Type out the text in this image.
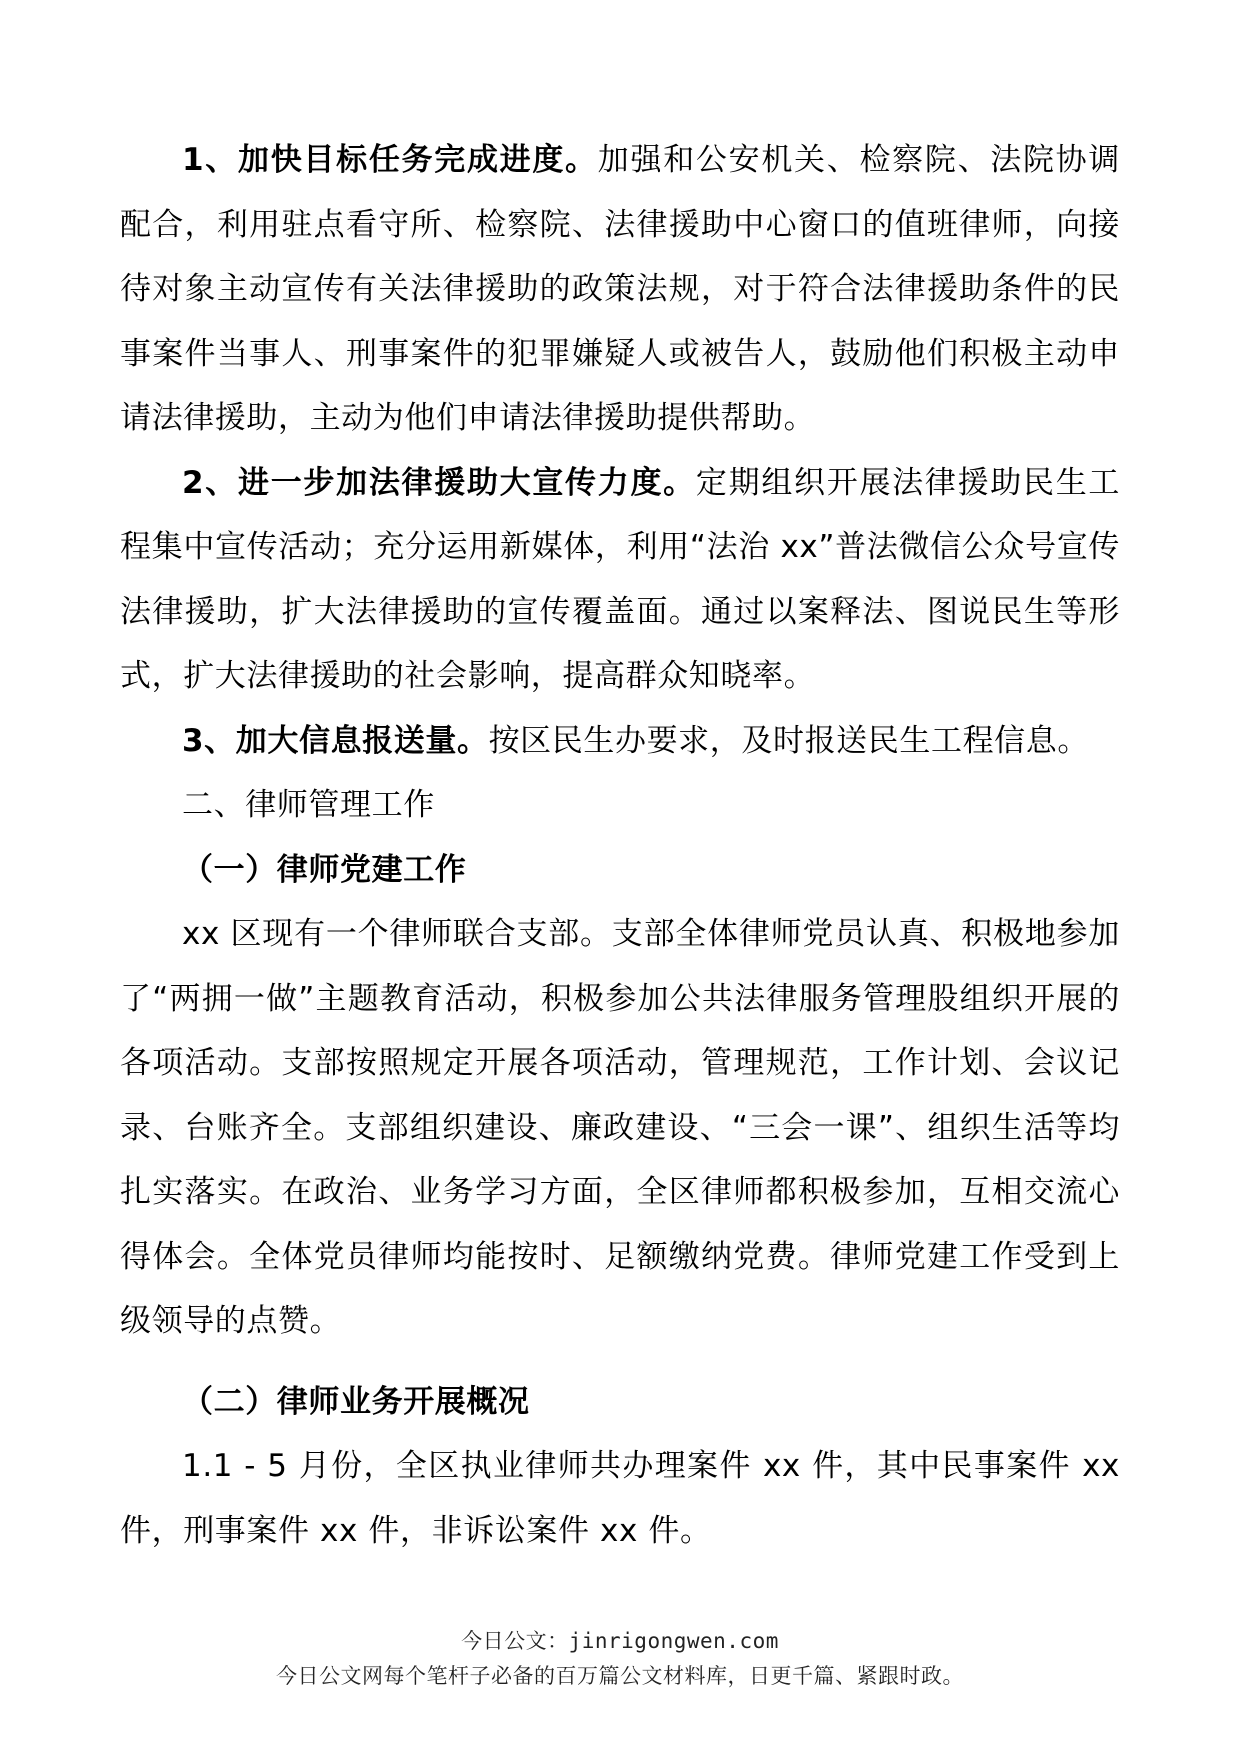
1、加快目标任务完成进度。加强和公安机关、检察院、法院协调配合，利用驻点看守所、检察院、法律援助中心窗口的值班律师，向接待对象主动宣传有关法律援助的政策法规，对于符合法律援助条件的民事案件当事人、刑事案件的犯罪嫌疑人或被告人，鼓励他们积极主动申请法律援助，主动为他们申请法律援助提供帮助。

2、进一步加法律援助大宣传力度。定期组织开展法律援助民生工程集中宣传活动；充分运用新媒体，利用“法治 xx”普法微信公众号宣传法律援助，扩大法律援助的宣传覆盖面。通过以案释法、图说民生等形式，扩大法律援助的社会影响，提高群众知晓率。

3、加大信息报送量。按区民生办要求，及时报送民生工程信息。

二、律师管理工作

（一）律师党建工作

xx 区现有一个律师联合支部。支部全体律师党员认真、积极地参加了“两拥一做”主题教育活动，积极参加公共法律服务管理股组织开展的各项活动。支部按照规定开展各项活动，管理规范，工作计划、会议记录、台账齐全。支部组织建设、廉政建设、“三会一课”、组织生活等均扎实落实。在政治、业务学习方面，全区律师都积极参加，互相交流心得体会。全体党员律师均能按时、足额缴纳党费。律师党建工作受到上级领导的点赞。

（二）律师业务开展概况

1.1 - 5 月份，全区执业律师共办理案件 xx 件，其中民事案件 xx 件，刑事案件 xx 件，非诉讼案件 xx 件。

今日公文：jinrigongwen.com
今日公文网每个笔杆子必备的百万篇公文材料库，日更千篇、紧跟时政。
